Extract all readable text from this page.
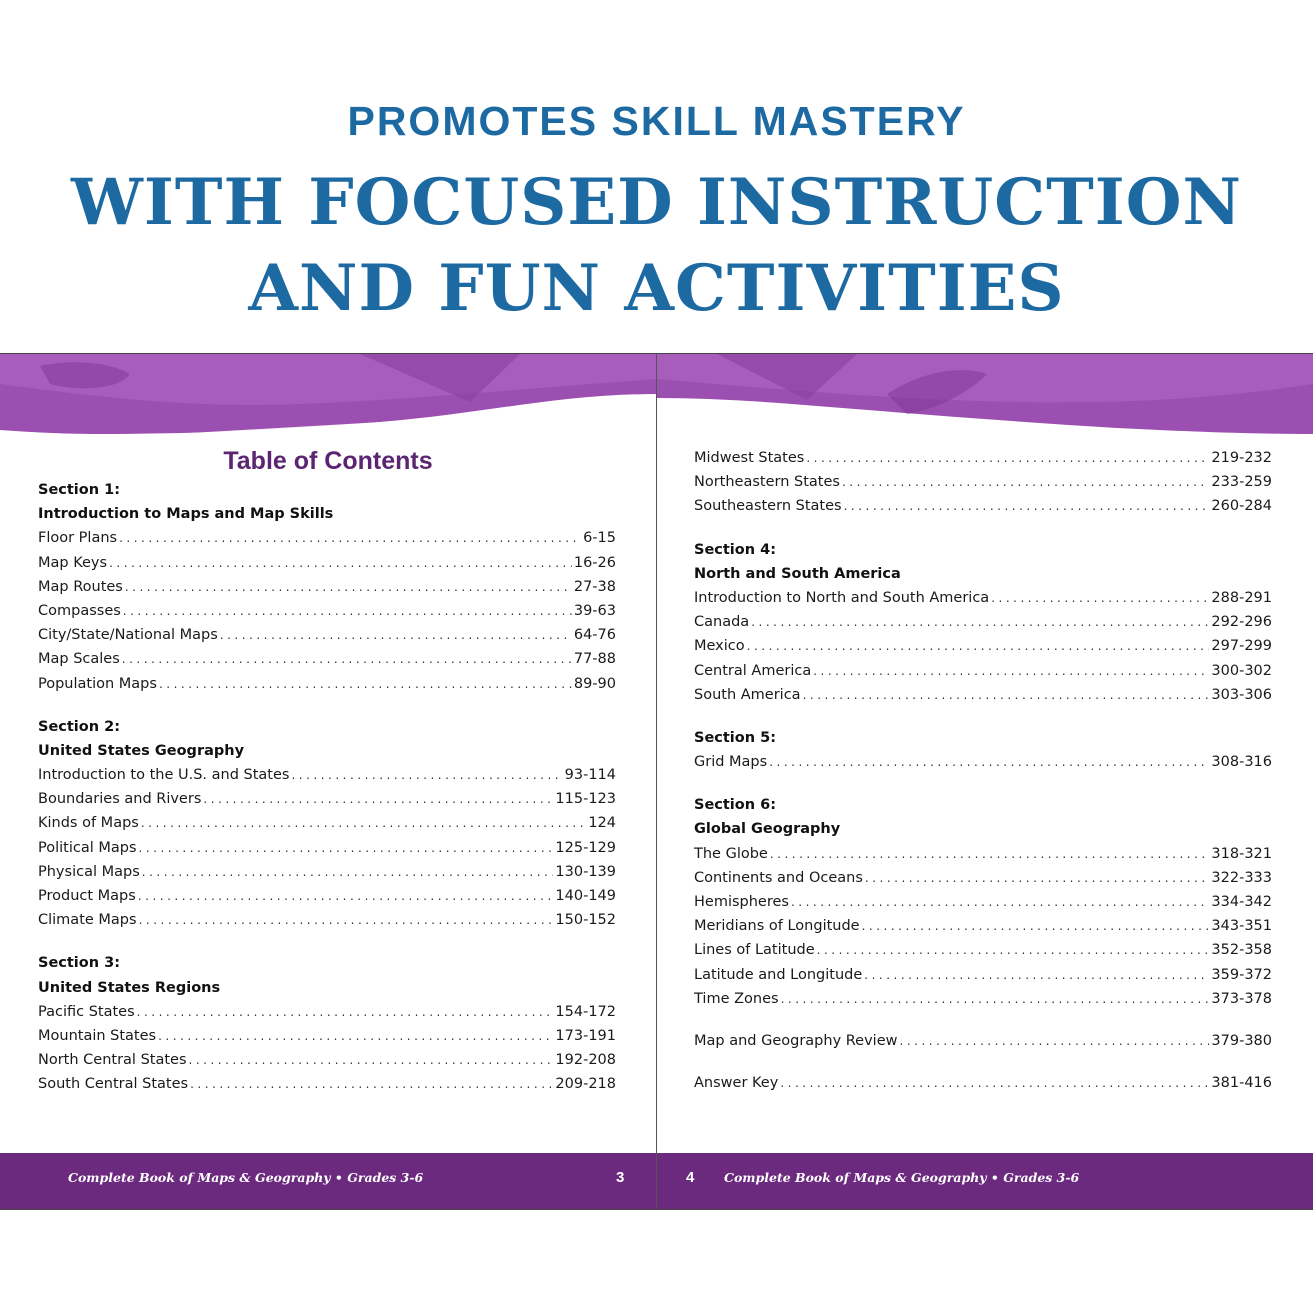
PROMOTES SKILL MASTERY
WITH FOCUSED INSTRUCTION
AND FUN ACTIVITIES
Table of Contents
Section 1:
Introduction to Maps and Map Skills
Floor Plans .....	6-15
Map Keys .....	16-26
Map Routes .....	27-38
Compasses .....	39-63
City/State/National Maps .....	64-76
Map Scales .....	77-88
Population Maps .....	89-90
Section 2:
United States Geography
Introduction to the U.S. and States .....	93-114
Boundaries and Rivers .....	115-123
Kinds of Maps .....	124
Political Maps .....	125-129
Physical Maps .....	130-139
Product Maps .....	140-149
Climate Maps .....	150-152
Section 3:
United States Regions
Pacific States .....	154-172
Mountain States .....	173-191
North Central States .....	192-208
South Central States .....	209-218
Complete Book of Maps & Geography • Grades 3-6	3
Midwest States .....	219-232
Northeastern States .....	233-259
Southeastern States .....	260-284
Section 4:
North and South America
Introduction to North and South America .....	288-291
Canada .....	292-296
Mexico .....	297-299
Central America .....	300-302
South America .....	303-306
Section 5:
Grid Maps .....	308-316
Section 6:
Global Geography
The Globe .....	318-321
Continents and Oceans .....	322-333
Hemispheres .....	334-342
Meridians of Longitude .....	343-351
Lines of Latitude .....	352-358
Latitude and Longitude .....	359-372
Time Zones .....	373-378
Map and Geography Review .....	379-380
Answer Key .....	381-416
4 Complete Book of Maps & Geography • Grades 3-6
